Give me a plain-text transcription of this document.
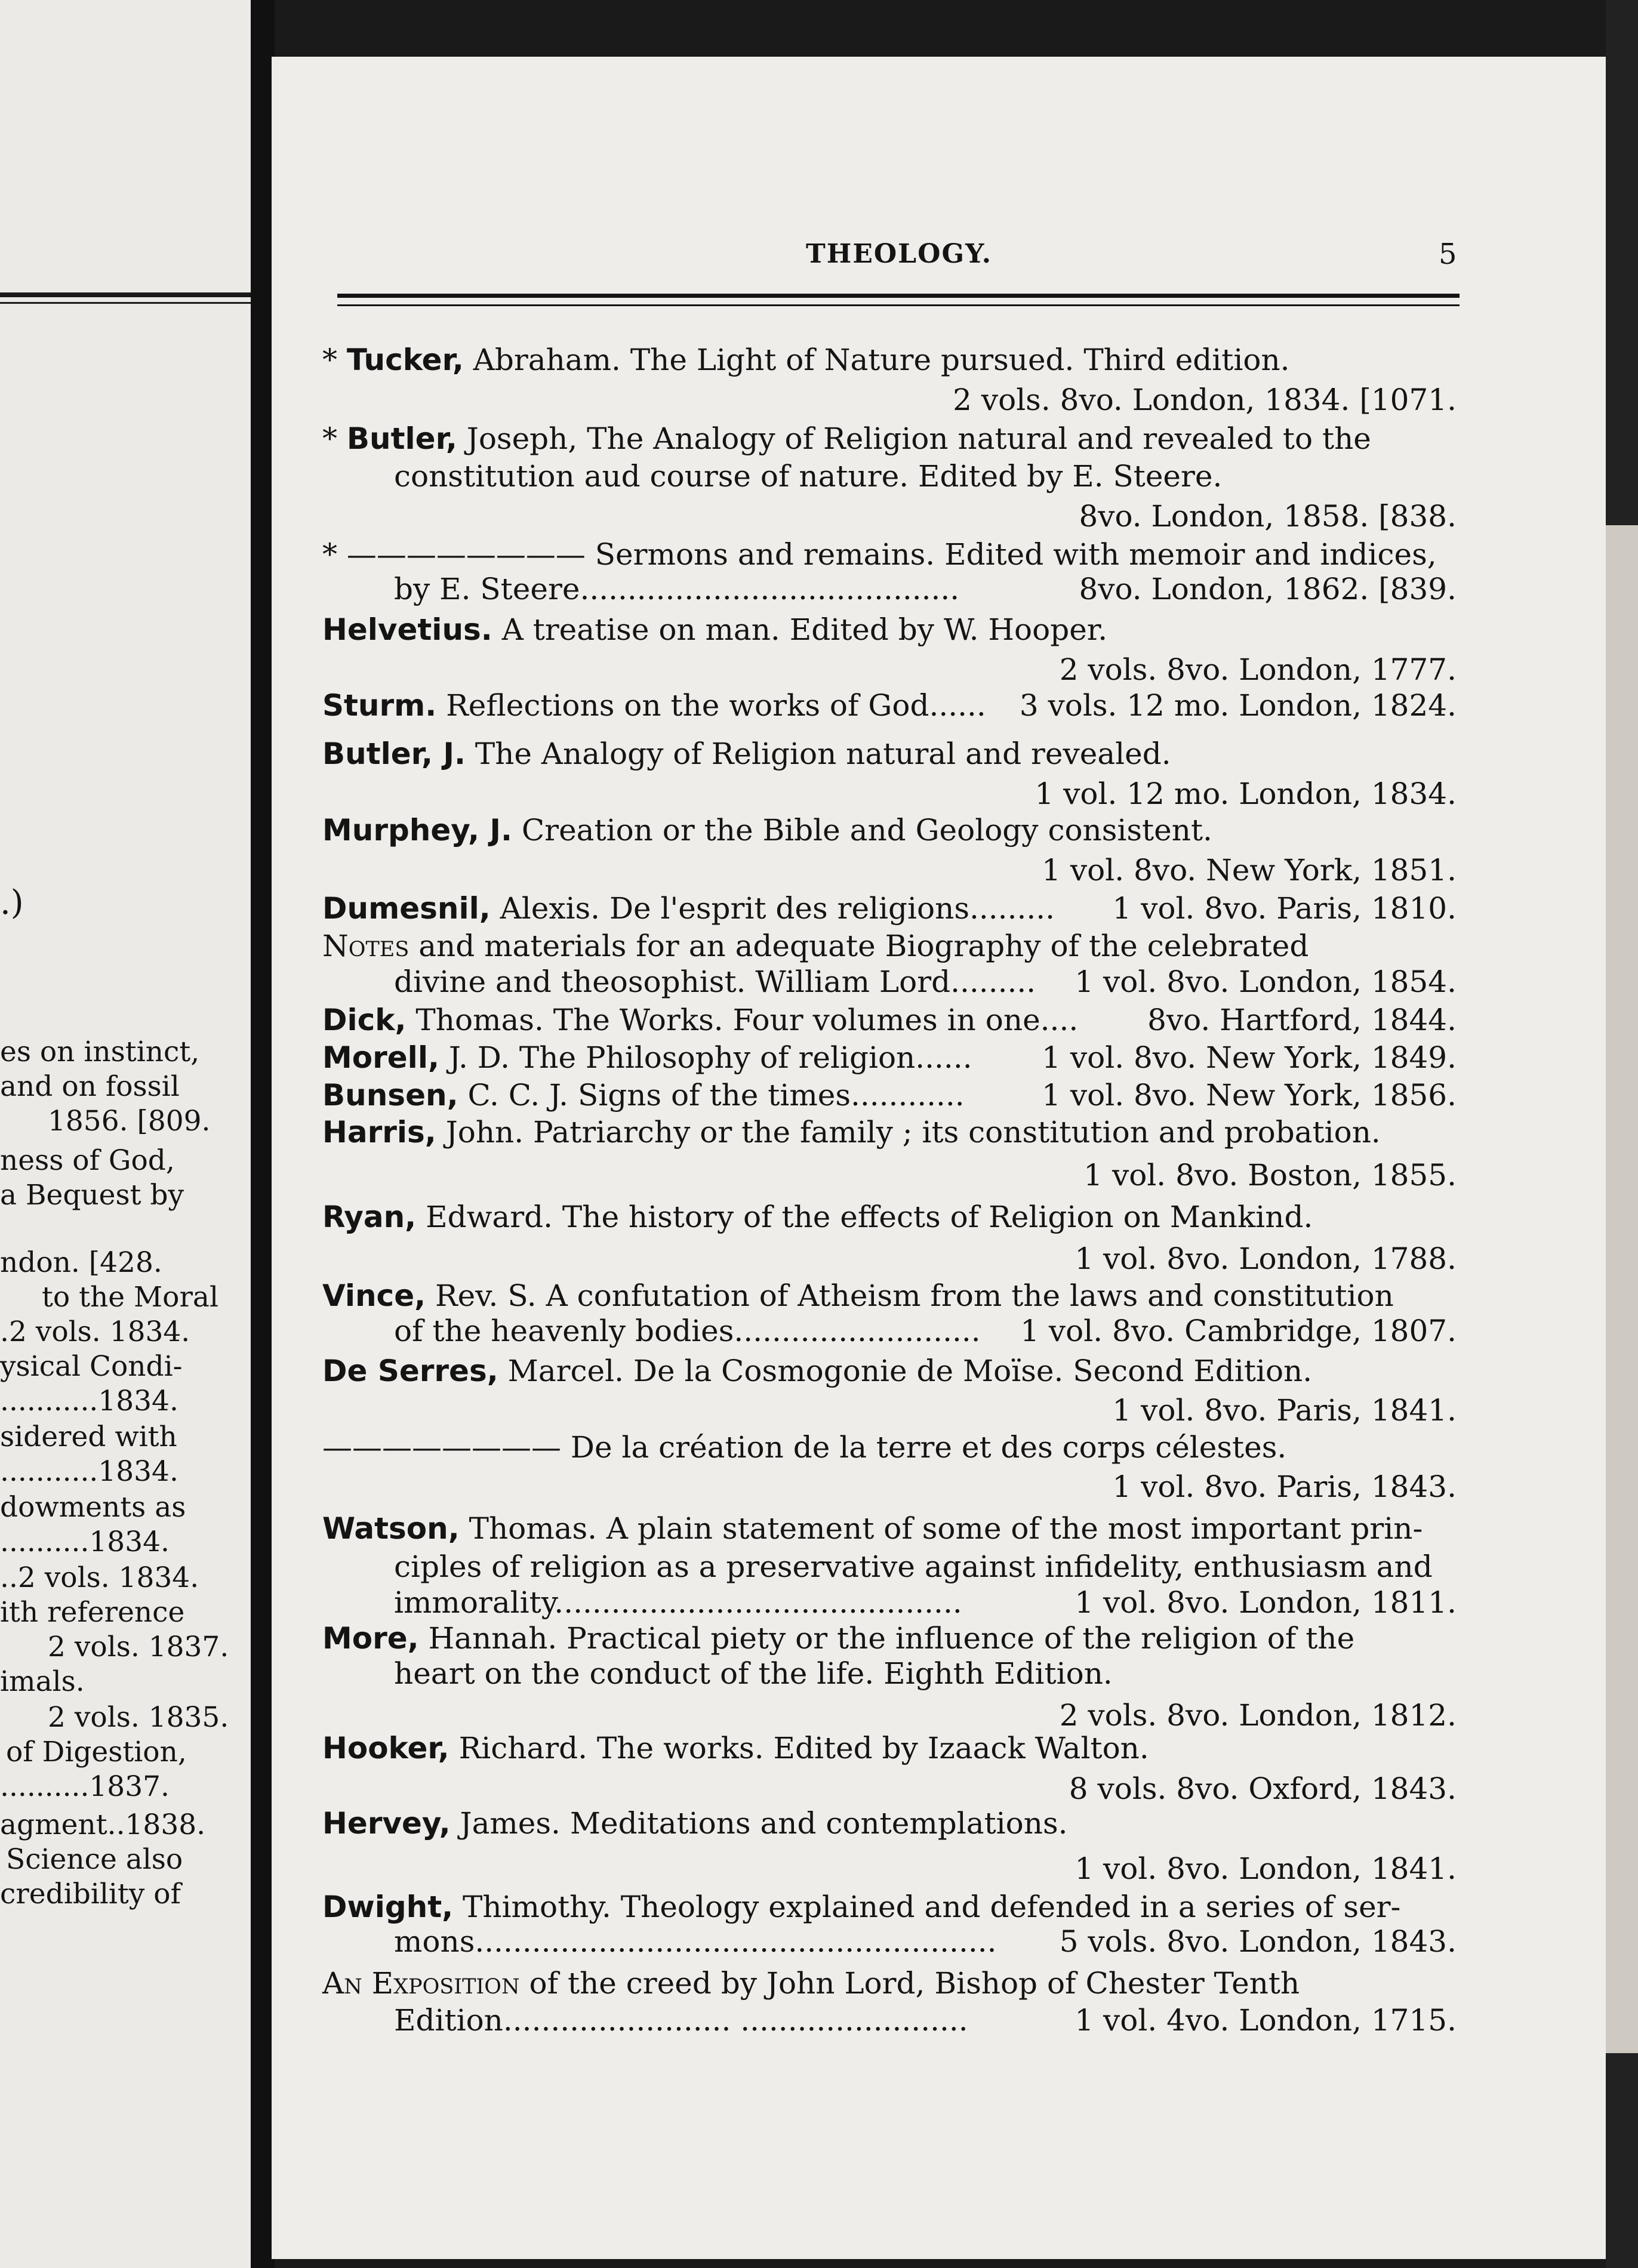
.)
es on instinct,
and on fossil
1856. [809.
ness of God,
a Bequest by
ndon. [428.
to the Moral
.2 vols. 1834.
ysical Condi-
...........1834.
sidered with
...........1834.
dowments as
..........1834.
..2 vols. 1834.
ith reference
2 vols. 1837.
imals.
2 vols. 1835.
of Digestion,
..........1837.
agment..1838.
Science also
credibility of
THEOLOGY.	5
* Tucker, Abraham. The Light of Nature pursued. Third edition.
2 vols. 8vo. London, 1834. [1071.
* Butler, Joseph, The Analogy of Religion natural and revealed to the
constitution aud course of nature. Edited by E. Steere.
8vo. London, 1858. [838.
* ———————— Sermons and remains. Edited with memoir and indices,
by E. Steere........................................	8vo. London, 1862. [839.
Helvetius. A treatise on man. Edited by W. Hooper.
2 vols. 8vo. London, 1777.
Sturm. Reflections on the works of God...... 3 vols. 12 mo. London, 1824.
Butler, J. The Analogy of Religion natural and revealed.
1 vol. 12 mo. London, 1834.
Murphey, J. Creation or the Bible and Geology consistent.
1 vol. 8vo. New York, 1851.
Dumesnil, Alexis. De l'esprit des religions......... 1 vol. 8vo. Paris, 1810.
Notes and materials for an adequate Biography of the celebrated
divine and theosophist. William Lord......... 1 vol. 8vo. London, 1854.
Dick, Thomas. The Works. Four volumes in one.... 8vo. Hartford, 1844.
Morell, J. D. The Philosophy of religion...... 1 vol. 8vo. New York, 1849.
Bunsen, C. C. J. Signs of the times............	1 vol. 8vo. New York, 1856.
Harris, John. Patriarchy or the family ; its constitution and probation.
1 vol. 8vo. Boston, 1855.
Ryan, Edward. The history of the effects of Religion on Mankind.
1 vol. 8vo. London, 1788.
Vince, Rev. S. A confutation of Atheism from the laws and constitution
of the heavenly bodies.......................... 1 vol. 8vo. Cambridge, 1807.
De Serres, Marcel. De la Cosmogonie de Moïse. Second Edition.
1 vol. 8vo. Paris, 1841.
———————— De la création de la terre et des corps célestes.
1 vol. 8vo. Paris, 1843.
Watson, Thomas. A plain statement of some of the most important prin-
ciples of religion as a preservative against infidelity, enthusiasm and
immorality...........................................	1 vol. 8vo. London, 1811.
More, Hannah. Practical piety or the influence of the religion of the
heart on the conduct of the life. Eighth Edition.
2 vols. 8vo. London, 1812.
Hooker, Richard. The works. Edited by Izaack Walton.
8 vols. 8vo. Oxford, 1843.
Hervey, James. Meditations and contemplations.
1 vol. 8vo. London, 1841.
Dwight, Thimothy. Theology explained and defended in a series of ser-
mons....................................................... 5 vols. 8vo. London, 1843.
An Exposition of the creed by John Lord, Bishop of Chester Tenth
Edition........................ ........................	1 vol. 4vo. London, 1715.
